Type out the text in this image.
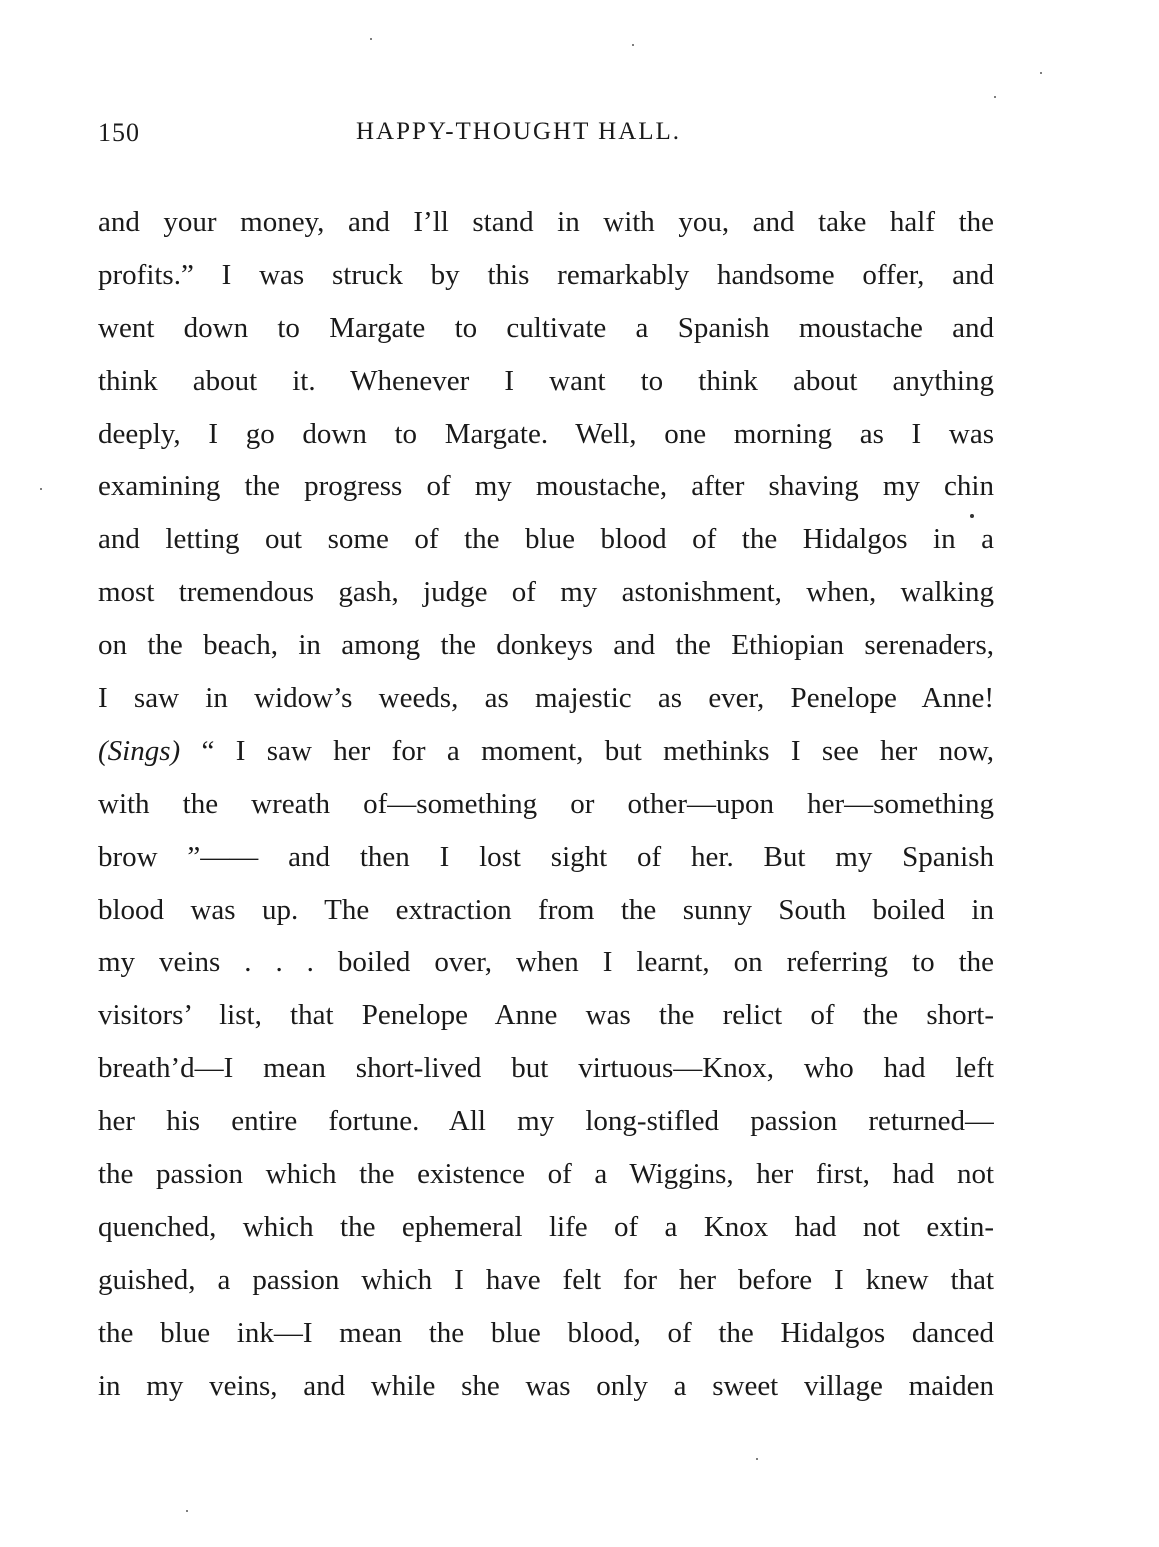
150	HAPPY-THOUGHT HALL.
and your money, and I’ll stand in with you, and take half the
profits.” I was struck by this remarkably handsome offer, and
went down to Margate to cultivate a Spanish moustache and
think about it. Whenever I want to think about anything
deeply, I go down to Margate. Well, one morning as I was
examining the progress of my moustache, after shaving my chin
and letting out some of the blue blood of the Hidalgos in a
most tremendous gash, judge of my astonishment, when, walking
on the beach, in among the donkeys and the Ethiopian serenaders,
I saw in widow’s weeds, as majestic as ever, Penelope Anne!
(Sings) “ I saw her for a moment, but methinks I see her now,
with the wreath of—something or other—upon her—something
brow ”—— and then I lost sight of her. But my Spanish
blood was up. The extraction from the sunny South boiled in
my veins . . . boiled over, when I learnt, on referring to the
visitors’ list, that Penelope Anne was the relict of the short-
breath’d—I mean short-lived but virtuous—Knox, who had left
her his entire fortune. All my long-stifled passion returned—
the passion which the existence of a Wiggins, her first, had not
quenched, which the ephemeral life of a Knox had not extin-
guished, a passion which I have felt for her before I knew that
the blue ink—I mean the blue blood, of the Hidalgos danced
in my veins, and while she was only a sweet village maiden
